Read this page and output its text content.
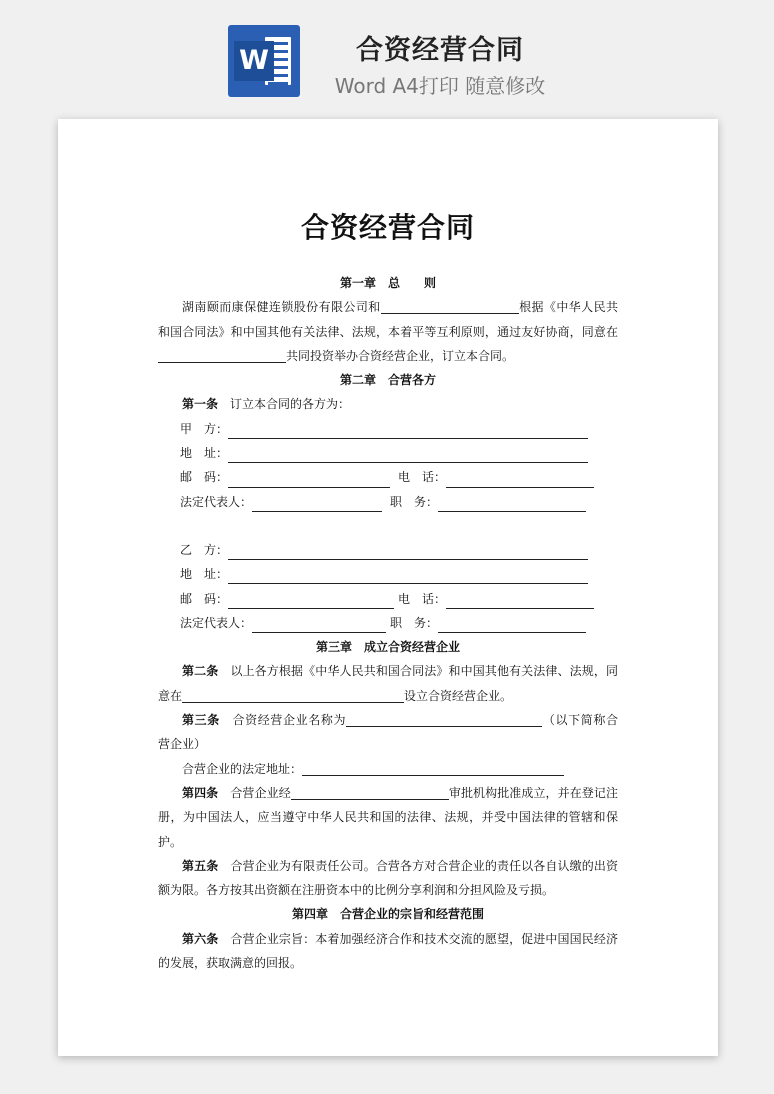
W	合资经营合同
Word A4打印 随意修改
​
合资经营合同

第一章　总　　则

湖南颐而康保健连锁股份有限公司和	根据《中华人民共和国合同法》和中国其他有关法律、法规，本着平等互利原则，通过友好协商，同意在共同投资举办合资经营企业，订立本合同。

第二章　合营各方

第一条　订立本合同的各方为：

甲　方：
地　址：
邮　码：	电　话：
法定代表人：	职　务：
乙　方：
地　址：
邮　码：	电　话：
法定代表人：	职　务：

第三章　成立合资经营企业

第二条　以上各方根据《中华人民共和国合同法》和中国其他有关法律、法规，同意在	设立合资经营企业。

第三条　合资经营企业名称为	（以下简称合营企业）

合营企业的法定地址：

第四条　合营企业经	审批机构批准成立，并在登记注册，为中国法人，应当遵守中华人民共和国的法律、法规，并受中国法律的管辖和保护。

第五条　合营企业为有限责任公司。合营各方对合营企业的责任以各自认缴的出资额为限。各方按其出资额在注册资本中的比例分享利润和分担风险及亏损。

第四章　合营企业的宗旨和经营范围

第六条　合营企业宗旨：本着加强经济合作和技术交流的愿望，促进中国国民经济的发展，获取满意的回报。
